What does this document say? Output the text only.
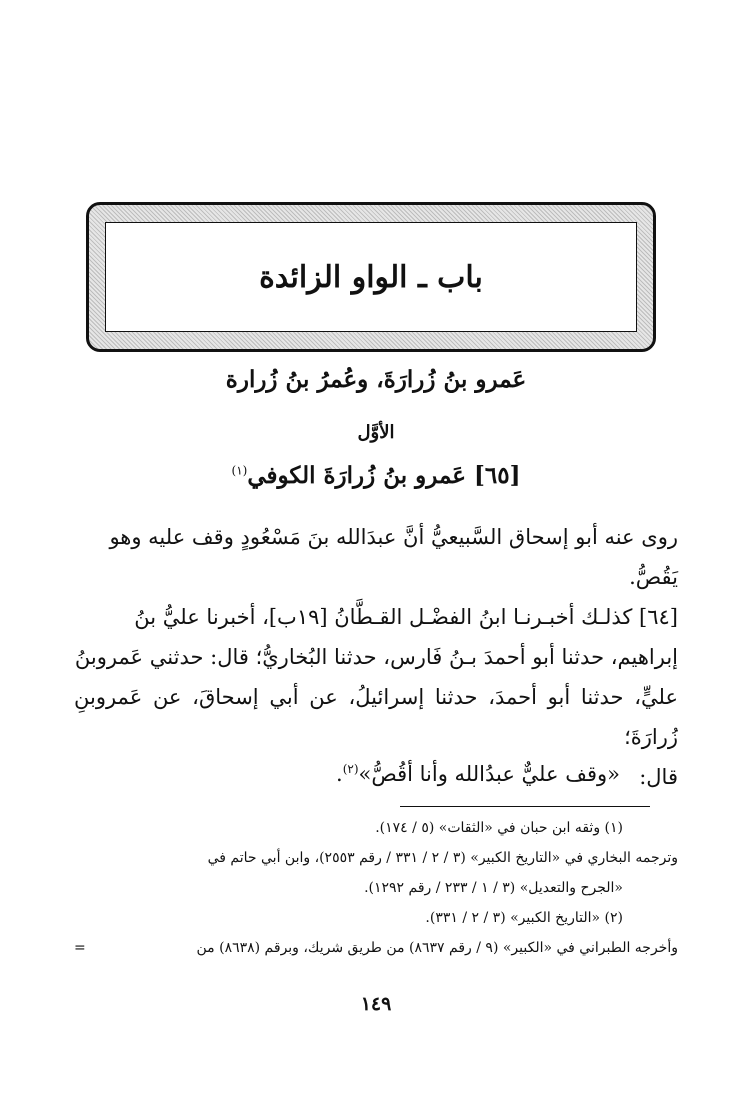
باب ـ الواو الزائدة
عَمرو بنُ زُرارَةَ، وعُمرُ بنُ زُرارة
الأوَّل
[٦٥] عَمرو بنُ زُرارَةَ الكوفي$^{(١)}$

روى عنه أبو إسحاق السَّبيعيُّ أنَّ عبدَالله بنَ مَسْعُودٍ وقف عليه وهو

يَقُصُّ.

[٦٤] كذلـك أخبـرنـا ابنُ الفضْـل القـطَّانُ [١٩ب]، أخبرنا عليُّ بنُ

إبراهيم، حدثنا أبو أحمدَ بـنُ فَارس، حدثنا البُخاريُّ؛ قال: حدثني عَمروبنُ

عليٍّ، حدثنا أبو أحمدَ، حدثنا إسرائيلُ، عن أبي إسحاقَ، عن عَمروبنِ زُرارَةَ؛

قال:

«وقف عليٌّ عبدُالله وأنا أقُصُّ»$^{(٢)}$.

(١) وثقه ابن حبان في «الثقات» (٥ / ١٧٤).

وترجمه البخاري في «التاريخ الكبير» (٣ / ٢ / ٣٣١ / رقم ٢٥٥٣)، وابن أبي حاتم في

«الجرح والتعديل» (٣ / ١ / ٢٣٣ / رقم ١٢٩٢).

(٢) «التاريخ الكبير» (٣ / ٢ / ٣٣١).

وأخرجه الطبراني في «الكبير» (٩ / رقم ٨٦٣٧) من طريق شريك، وبرقم (٨٦٣٨) من
=
١٤٩
